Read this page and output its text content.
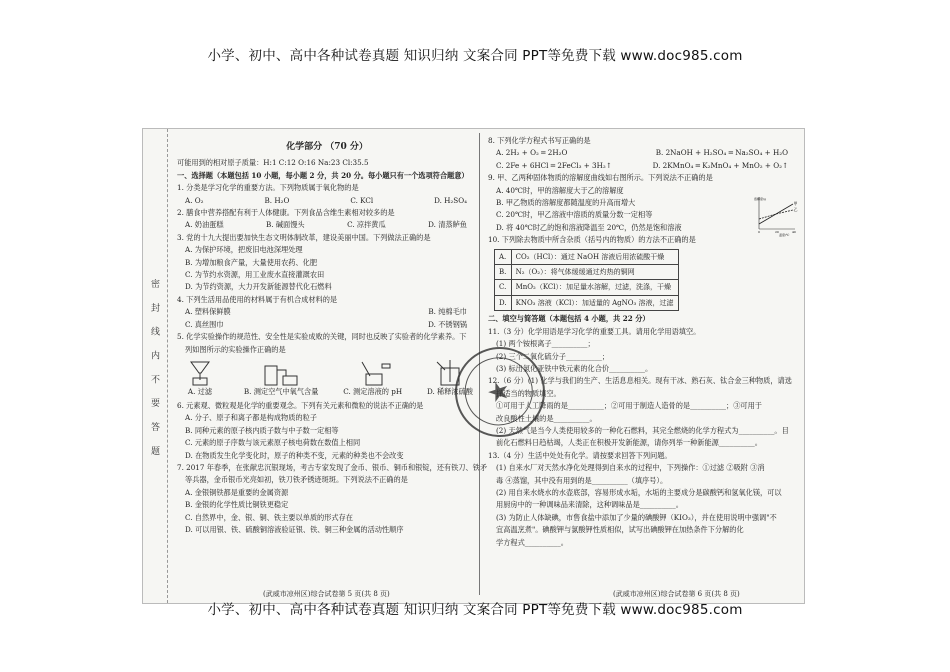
小学、初中、高中各种试卷真题 知识归纳 文案合同 PPT等免费下载 www.doc985.com
密 封 线 内 不 要 答 题

化学部分 （70 分）

可能用到的相对原子质量：H:1 C:12 O:16 Na:23 Cl:35.5

一、选择题（本题包括 10 小题，每小题 2 分，共 20 分。每小题只有一个选项符合题意）

1. 分类是学习化学的重要方法。下列物质属于氧化物的是

A. O₂	B. H₂O	C. KCl	D. H₂SO₄

2. 膳食中营养搭配有利于人体健康。下列食品含维生素相对较多的是

A. 奶油蛋糕	B. 碱面馒头	C. 凉拌黄瓜	D. 清蒸鲈鱼

3. 党的十九大提出要加快生态文明体制改革，建设美丽中国。下列做法正确的是

A. 为保护环境，把废旧电池深埋处理

B. 为增加粮食产量，大量使用农药、化肥

C. 为节约水资源，用工业废水直接灌溉农田

D. 为节约资源，大力开发新能源替代化石燃料

4. 下列生活用品使用的材料属于有机合成材料的是

A. 塑料保鲜膜	B. 纯棉毛巾

C. 真丝围巾	D. 不锈钢锅

5. 化学实验操作的规范性、安全性是实验成败的关键，同时也反映了实验者的化学素养。下

列如图所示的实验操作正确的是

A. 过滤	B. 测定空气中氧气含量	C. 测定溶液的 pH	D. 稀释浓硫酸

6. 元素观、微粒观是化学的重要观念。下列有关元素和微粒的说法不正确的是

A. 分子、原子和离子都是构成物质的粒子

B. 同种元素的原子核内质子数与中子数一定相等

C. 元素的原子序数与该元素原子核电荷数在数值上相同

D. 在物质发生化学变化时，原子的种类不变，元素的种类也不会改变

7. 2017 年春季，在张献忠沉银现场，考古专家发现了金币、银币、铜币和银锭，还有铁刀、铁矛

等兵器，金币银币光亮如初，铁刀铁矛锈迹斑斑。下列说法不正确的是

A. 金银铜铁都是重要的金属资源

B. 金银的化学性质比铜铁更稳定

C. 自然界中，金、银、铜、铁主要以单质的形式存在

D. 可以用银、铁、硫酸铜溶液验证银、铁、铜三种金属的活动性顺序

8. 下列化学方程式书写正确的是

A. 2H₂ + O₂ ═ 2H₂O	B. 2NaOH + H₂SO₄ ═ Na₂SO₄ + H₂O

C. 2Fe + 6HCl ═ 2FeCl₃ + 3H₂↑	D. 2KMnO₄ ═ K₂MnO₄ + MnO₂ + O₂↑

9. 甲、乙两种固体物质的溶解度曲线如右图所示。下列说法不正确的是

A. 40℃时，甲的溶解度大于乙的溶解度

B. 甲乙物质的溶解度都随温度的升高而增大

C. 20℃时，甲乙溶液中溶质的质量分数一定相等

D. 将 40℃时乙的饱和溶液降温至 20℃，仍然是饱和溶液

10. 下列除去物质中所含杂质（括号内的物质）的方法不正确的是

A.	CO₂（HCl）：通过 NaOH 溶液后用浓硫酸干燥
B.	N₂（O₂）：将气体缓缓通过灼热的铜网
C.	MnO₂（KCl）：加足量水溶解，过滤，洗涤，干燥
D.	KNO₃ 溶液（KCl）：加适量的 AgNO₃ 溶液，过滤

二、填空与简答题（本题包括 4 小题，共 22 分）

11.（3 分）化学用语是学习化学的重要工具。请用化学用语填空。

(1) 两个铵根离子__________；

(2) 三个二氧化硫分子__________；

(3) 标出氯化亚铁中铁元素的化合价__________。

12.（6 分）(1) 化学与我们的生产、生活息息相关。现有干冰、熟石灰、钛合金三种物质，请选

择适当的物质填空。

①可用于人工降雨的是__________；②可用于制造人造骨的是__________；③可用于

改良酸性土壤的是__________。

(2) 天然气是当今人类使用较多的一种化石燃料，其完全燃烧的化学方程式为__________。目

前化石燃料日趋枯竭，人类正在积极开发新能源，请你列举一种新能源__________。

13.（4 分）生活中处处有化学。请按要求回答下列问题。

(1) 自来水厂对天然水净化处理得到自来水的过程中，下列操作：①过滤 ②吸附 ③消

毒 ④蒸馏，其中没有用到的是__________（填序号）。

(2) 用自来水烧水的水壶底部，容易形成水垢，水垢的主要成分是碳酸钙和氢氧化镁，可以

用厨房中的一种调味品来清除，这种调味品是__________。

(3) 为防止人体缺碘，市售食盐中添加了少量的碘酸钾（KIO₃），并在使用说明中强调"不

宜高温烹煮"。碘酸钾与氯酸钾性质相似，试写出碘酸钾在加热条件下分解的化

学方程式__________。

甲
乙
溶解度/g
温度/℃
0	20	40
★
(武威市凉州区)综合试卷第 5 页(共 8 页)	(武威市凉州区)综合试卷第 6 页(共 8 页)
小学、初中、高中各种试卷真题 知识归纳 文案合同 PPT等免费下载 www.doc985.com
